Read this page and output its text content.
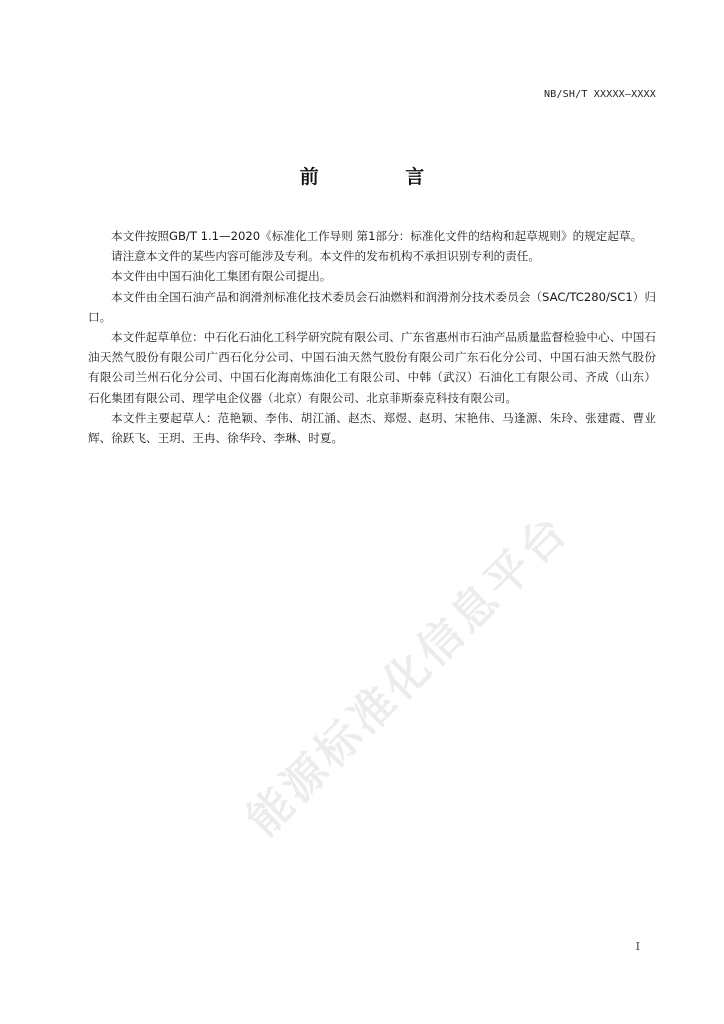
NB/SH/T XXXXX—XXXX
前 言

本文件按照GB/T 1.1—2020《标准化工作导则 第1部分：标准化文件的结构和起草规则》的规定起草。

请注意本文件的某些内容可能涉及专利。本文件的发布机构不承担识别专利的责任。

本文件由中国石油化工集团有限公司提出。

本文件由全国石油产品和润滑剂标准化技术委员会石油燃料和润滑剂分技术委员会（SAC/TC280/SC1）归口。

本文件起草单位：中石化石油化工科学研究院有限公司、广东省惠州市石油产品质量监督检验中心、中国石油天然气股份有限公司广西石化分公司、中国石油天然气股份有限公司广东石化分公司、中国石油天然气股份有限公司兰州石化分公司、中国石化海南炼油化工有限公司、中韩（武汉）石油化工有限公司、齐成（山东）石化集团有限公司、理学电企仪器（北京）有限公司、北京菲斯泰克科技有限公司。

本文件主要起草人：范艳颖、李伟、胡江涌、赵杰、郑煜、赵玥、宋艳伟、马逢源、朱玲、张建霞、曹业辉、徐跃飞、王玥、王冉、徐华玲、李琳、时夏。

能源标准化信息平台
I
